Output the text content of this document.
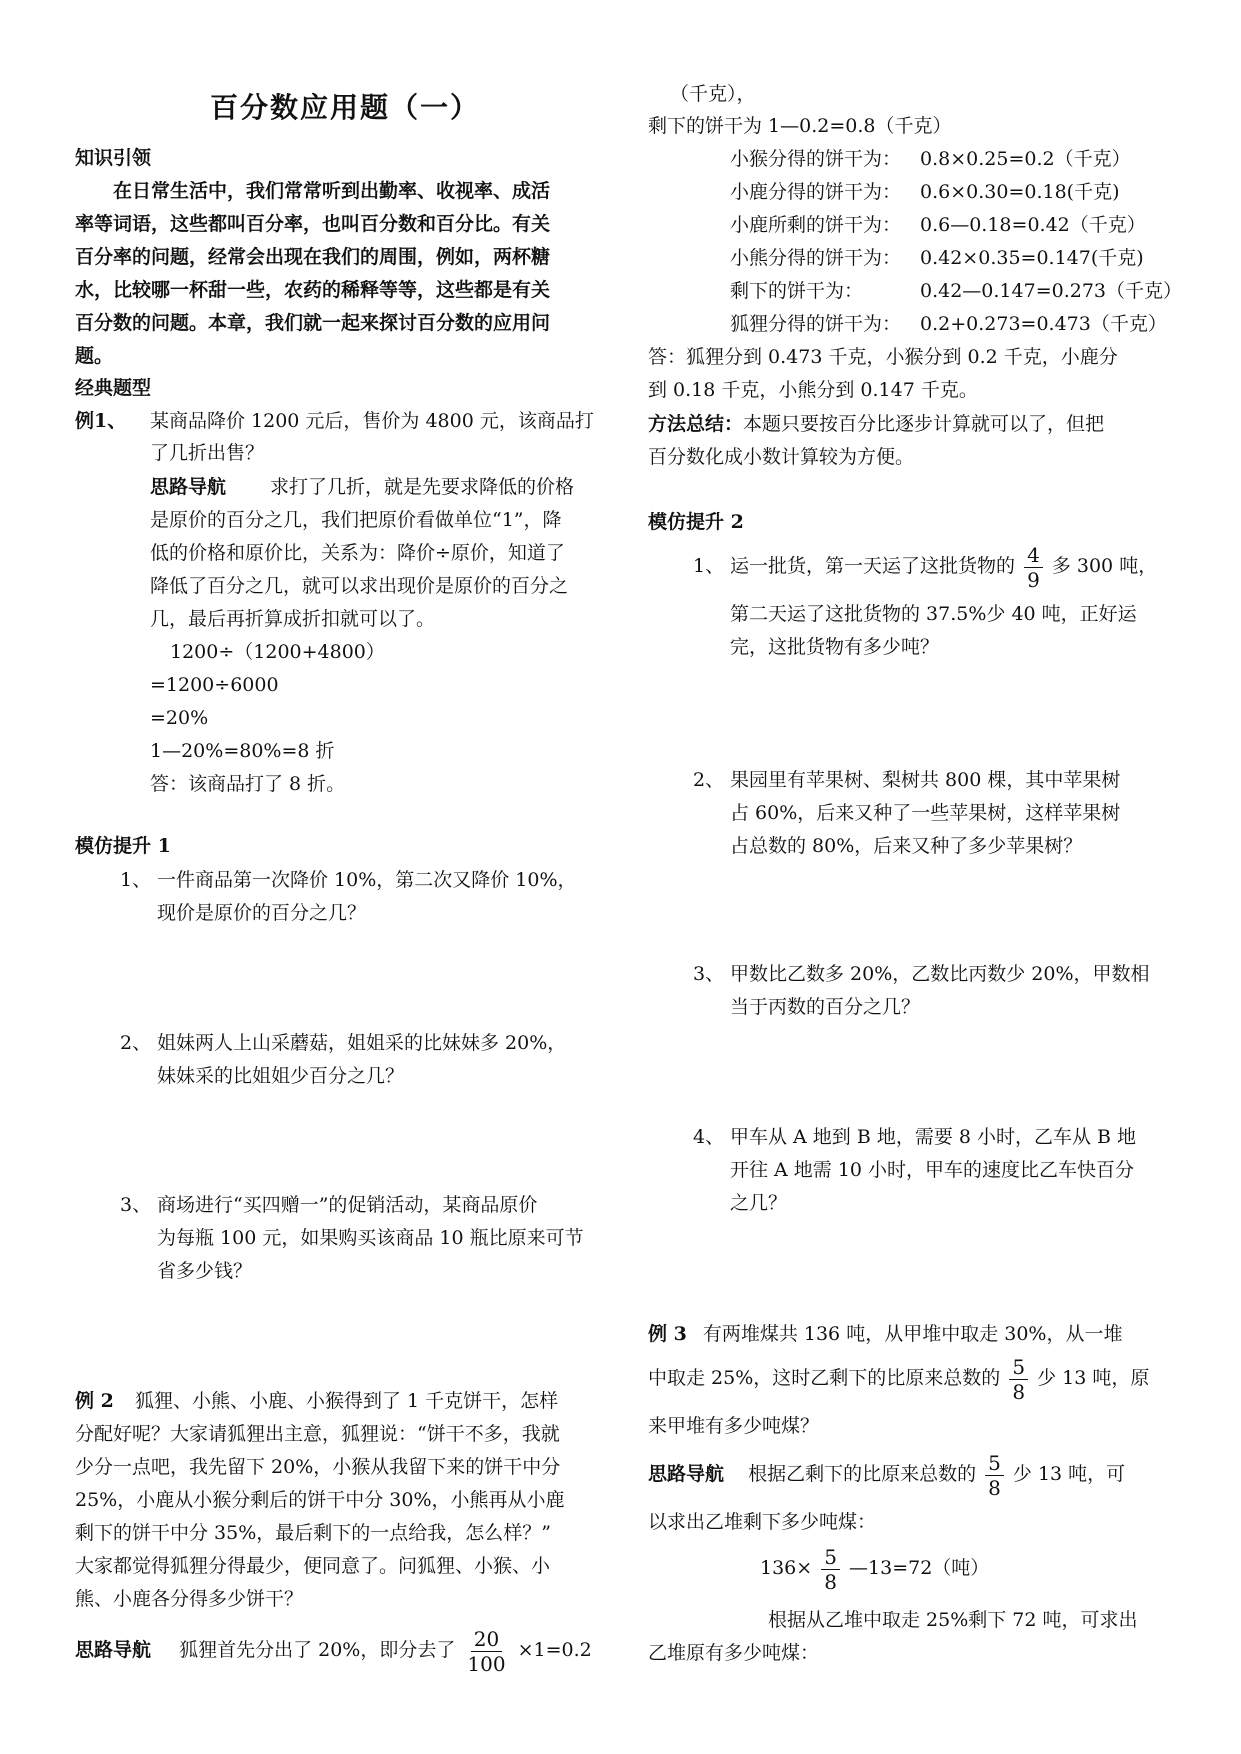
百分数应用题（一）
知识引领
在日常生活中，我们常常听到出勤率、收视率、成活
率等词语，这些都叫百分率，也叫百分数和百分比。有关
百分率的问题，经常会出现在我们的周围，例如，两杯糖
水，比较哪一杯甜一些，农药的稀释等等，这些都是有关
百分数的问题。本章，我们就一起来探讨百分数的应用问
题。
经典题型
例1、 某商品降价 1200 元后，售价为 4800 元，该商品打
了几折出售？
思路导航 求打了几折，就是先要求降低的价格
是原价的百分之几，我们把原价看做单位“1”，降
低的价格和原价比，关系为：降价÷原价，知道了
降低了百分之几，就可以求出现价是原价的百分之
几，最后再折算成折扣就可以了。
1200÷（1200+4800）
=1200÷6000
=20%
1—20%=80%=8 折
答：该商品打了 8 折。
模仿提升 1
1、 一件商品第一次降价 10%，第二次又降价 10%，
现价是原价的百分之几？
2、 姐妹两人上山采蘑菇，姐姐采的比妹妹多 20%，
妹妹采的比姐姐少百分之几？
3、 商场进行“买四赠一”的促销活动，某商品原价
为每瓶 100 元，如果购买该商品 10 瓶比原来可节
省多少钱？
例 2 狐狸、小熊、小鹿、小猴得到了 1 千克饼干，怎样
分配好呢？大家请狐狸出主意，狐狸说：“饼干不多，我就
少分一点吧，我先留下 20%，小猴从我留下来的饼干中分
25%，小鹿从小猴分剩后的饼干中分 30%，小熊再从小鹿
剩下的饼干中分 35%，最后剩下的一点给我，怎么样？”
大家都觉得狐狸分得最少，便同意了。问狐狸、小猴、小
熊、小鹿各分得多少饼干？
思路导航 狐狸首先分出了 20%，即分去了 $\frac{20}{100} \times 1=0.2$
（千克），
剩下的饼干为 1—0.2=0.8（千克）
小猴分得的饼干为： 0.8×0.25=0.2（千克）
小鹿分得的饼干为： 0.6×0.30=0.18(千克)
小鹿所剩的饼干为： 0.6—0.18=0.42（千克）
小熊分得的饼干为： 0.42×0.35=0.147(千克)
剩下的饼干为：	0.42—0.147=0.273（千克）
狐狸分得的饼干为： 0.2+0.273=0.473（千克）
答：狐狸分到 0.473 千克，小猴分到 0.2 千克，小鹿分
到 0.18 千克，小熊分到 0.147 千克。
方法总结：本题只要按百分比逐步计算就可以了，但把
百分数化成小数计算较为方便。
模仿提升 2
1、 运一批货，第一天运了这批货物的 $\frac{4}{9}$ 多 300 吨，
第二天运了这批货物的 37.5%少 40 吨，正好运
完，这批货物有多少吨？
2、 果园里有苹果树、梨树共 800 棵，其中苹果树
占 60%，后来又种了一些苹果树，这样苹果树
占总数的 80%，后来又种了多少苹果树？
3、 甲数比乙数多 20%，乙数比丙数少 20%，甲数相
当于丙数的百分之几？
4、 甲车从 A 地到 B 地，需要 8 小时，乙车从 B 地
开往 A 地需 10 小时，甲车的速度比乙车快百分
之几？
例 3 有两堆煤共 136 吨，从甲堆中取走 30%，从一堆
中取走 25%，这时乙剩下的比原来总数的 $\frac{5}{8}$ 少 13 吨，原
来甲堆有多少吨煤？
思路导航 根据乙剩下的比原来总数的 $\frac{5}{8}$ 少 13 吨，可
以求出乙堆剩下多少吨煤：
$136\times \frac{5}{8}$ —13=72（吨）
根据从乙堆中取走 25%剩下 72 吨，可求出
乙堆原有多少吨煤：
